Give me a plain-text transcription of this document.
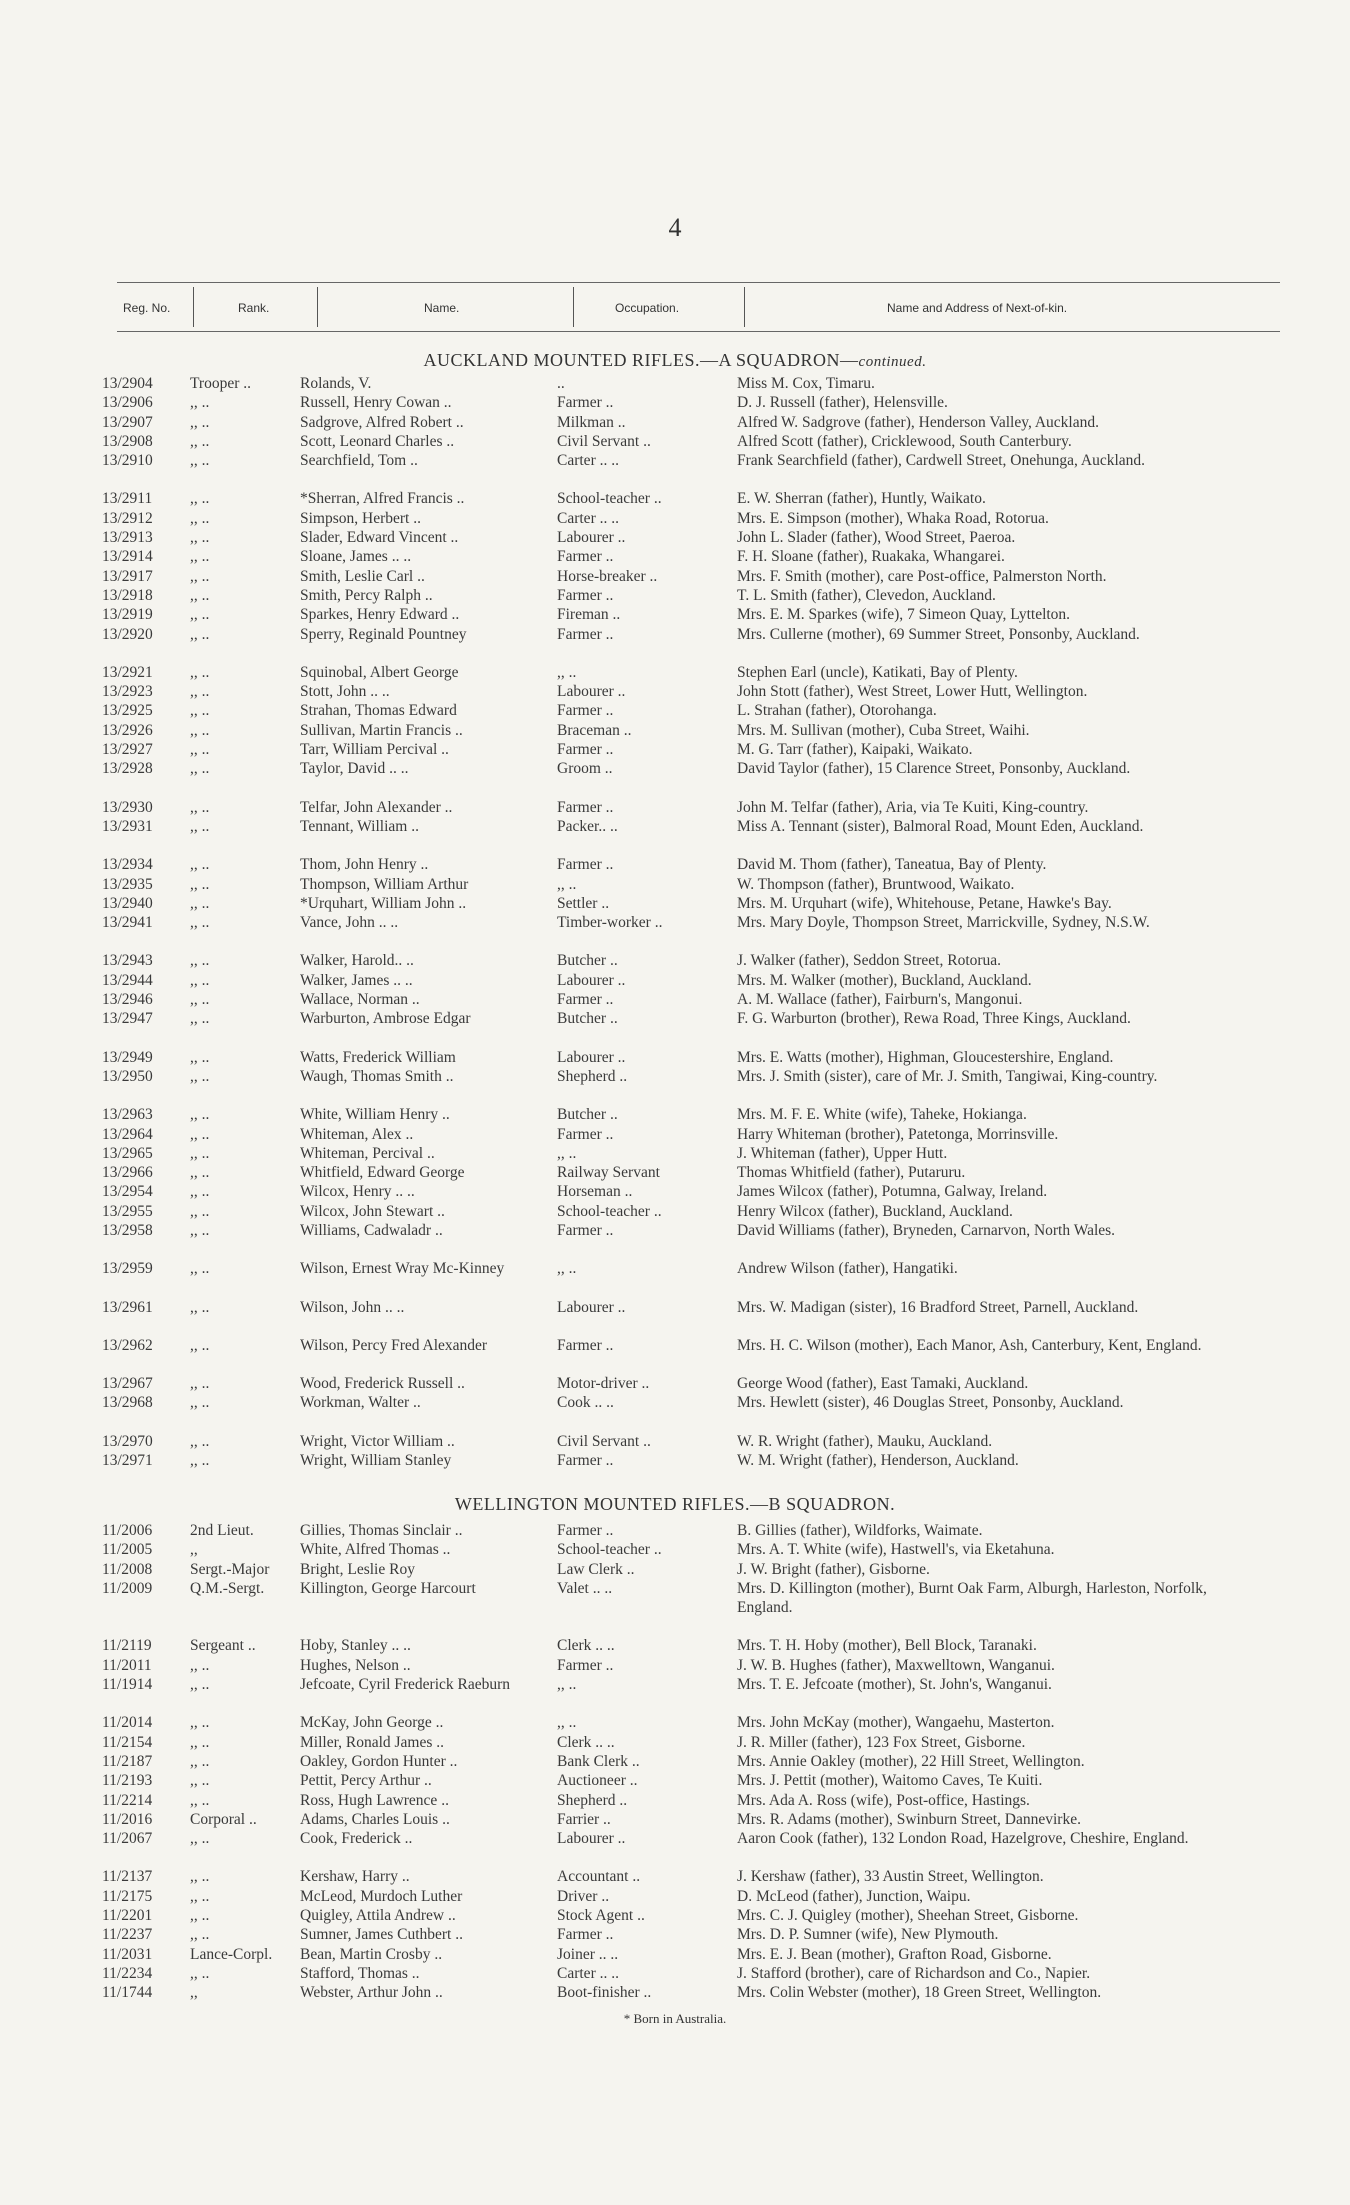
4
Reg. No.	Rank.	Name.	Occupation.	Name and Address of Next-of-kin.
AUCKLAND MOUNTED RIFLES.—A SQUADRON—continued.
13/2904	Trooper ..	Rolands, V.	..	Miss M. Cox, Timaru.
13/2906	,, ..	Russell, Henry Cowan ..	Farmer ..	D. J. Russell (father), Helensville.
13/2907	,, ..	Sadgrove, Alfred Robert ..	Milkman ..	Alfred W. Sadgrove (father), Henderson Valley, Auckland.
13/2908	,, ..	Scott, Leonard Charles ..	Civil Servant ..	Alfred Scott (father), Cricklewood, South Canterbury.
13/2910	,, ..	Searchfield, Tom ..	Carter .. ..	Frank Searchfield (father), Cardwell Street, Onehunga, Auckland.
13/2911	,, ..	*Sherran, Alfred Francis ..	School-teacher ..	E. W. Sherran (father), Huntly, Waikato.
13/2912	,, ..	Simpson, Herbert ..	Carter .. ..	Mrs. E. Simpson (mother), Whaka Road, Rotorua.
13/2913	,, ..	Slader, Edward Vincent ..	Labourer ..	John L. Slader (father), Wood Street, Paeroa.
13/2914	,, ..	Sloane, James .. ..	Farmer ..	F. H. Sloane (father), Ruakaka, Whangarei.
13/2917	,, ..	Smith, Leslie Carl ..	Horse-breaker ..	Mrs. F. Smith (mother), care Post-office, Palmerston North.
13/2918	,, ..	Smith, Percy Ralph ..	Farmer ..	T. L. Smith (father), Clevedon, Auckland.
13/2919	,, ..	Sparkes, Henry Edward ..	Fireman ..	Mrs. E. M. Sparkes (wife), 7 Simeon Quay, Lyttelton.
13/2920	,, ..	Sperry, Reginald Pountney	Farmer ..	Mrs. Cullerne (mother), 69 Summer Street, Ponsonby, Auckland.
13/2921	,, ..	Squinobal, Albert George	,, ..	Stephen Earl (uncle), Katikati, Bay of Plenty.
13/2923	,, ..	Stott, John .. ..	Labourer ..	John Stott (father), West Street, Lower Hutt, Wellington.
13/2925	,, ..	Strahan, Thomas Edward	Farmer ..	L. Strahan (father), Otorohanga.
13/2926	,, ..	Sullivan, Martin Francis ..	Braceman ..	Mrs. M. Sullivan (mother), Cuba Street, Waihi.
13/2927	,, ..	Tarr, William Percival ..	Farmer ..	M. G. Tarr (father), Kaipaki, Waikato.
13/2928	,, ..	Taylor, David .. ..	Groom ..	David Taylor (father), 15 Clarence Street, Ponsonby, Auckland.
13/2930	,, ..	Telfar, John Alexander ..	Farmer ..	John M. Telfar (father), Aria, via Te Kuiti, King-country.
13/2931	,, ..	Tennant, William ..	Packer.. ..	Miss A. Tennant (sister), Balmoral Road, Mount Eden, Auckland.
13/2934	,, ..	Thom, John Henry ..	Farmer ..	David M. Thom (father), Taneatua, Bay of Plenty.
13/2935	,, ..	Thompson, William Arthur	,, ..	W. Thompson (father), Bruntwood, Waikato.
13/2940	,, ..	*Urquhart, William John ..	Settler ..	Mrs. M. Urquhart (wife), Whitehouse, Petane, Hawke's Bay.
13/2941	,, ..	Vance, John .. ..	Timber-worker ..	Mrs. Mary Doyle, Thompson Street, Marrickville, Sydney, N.S.W.
13/2943	,, ..	Walker, Harold.. ..	Butcher ..	J. Walker (father), Seddon Street, Rotorua.
13/2944	,, ..	Walker, James .. ..	Labourer ..	Mrs. M. Walker (mother), Buckland, Auckland.
13/2946	,, ..	Wallace, Norman ..	Farmer ..	A. M. Wallace (father), Fairburn's, Mangonui.
13/2947	,, ..	Warburton, Ambrose Edgar	Butcher ..	F. G. Warburton (brother), Rewa Road, Three Kings, Auckland.
13/2949	,, ..	Watts, Frederick William	Labourer ..	Mrs. E. Watts (mother), Highman, Gloucestershire, England.
13/2950	,, ..	Waugh, Thomas Smith ..	Shepherd ..	Mrs. J. Smith (sister), care of Mr. J. Smith, Tangiwai, King-country.
13/2963	,, ..	White, William Henry ..	Butcher ..	Mrs. M. F. E. White (wife), Taheke, Hokianga.
13/2964	,, ..	Whiteman, Alex ..	Farmer ..	Harry Whiteman (brother), Patetonga, Morrinsville.
13/2965	,, ..	Whiteman, Percival ..	,, ..	J. Whiteman (father), Upper Hutt.
13/2966	,, ..	Whitfield, Edward George	Railway Servant	Thomas Whitfield (father), Putaruru.
13/2954	,, ..	Wilcox, Henry .. ..	Horseman ..	James Wilcox (father), Potumna, Galway, Ireland.
13/2955	,, ..	Wilcox, John Stewart ..	School-teacher ..	Henry Wilcox (father), Buckland, Auckland.
13/2958	,, ..	Williams, Cadwaladr ..	Farmer ..	David Williams (father), Bryneden, Carnarvon, North Wales.
13/2959	,, ..	Wilson, Ernest Wray Mc-Kinney	,, ..	Andrew Wilson (father), Hangatiki.
13/2961	,, ..	Wilson, John .. ..	Labourer ..	Mrs. W. Madigan (sister), 16 Bradford Street, Parnell, Auckland.
13/2962	,, ..	Wilson, Percy Fred Alexander	Farmer ..	Mrs. H. C. Wilson (mother), Each Manor, Ash, Canterbury, Kent, England.
13/2967	,, ..	Wood, Frederick Russell ..	Motor-driver ..	George Wood (father), East Tamaki, Auckland.
13/2968	,, ..	Workman, Walter ..	Cook .. ..	Mrs. Hewlett (sister), 46 Douglas Street, Ponsonby, Auckland.
13/2970	,, ..	Wright, Victor William ..	Civil Servant ..	W. R. Wright (father), Mauku, Auckland.
13/2971	,, ..	Wright, William Stanley	Farmer ..	W. M. Wright (father), Henderson, Auckland.
WELLINGTON MOUNTED RIFLES.—B SQUADRON.
11/2006	2nd Lieut.	Gillies, Thomas Sinclair ..	Farmer ..	B. Gillies (father), Wildforks, Waimate.
11/2005	,,	White, Alfred Thomas ..	School-teacher ..	Mrs. A. T. White (wife), Hastwell's, via Eketahuna.
11/2008	Sergt.-Major	Bright, Leslie Roy	Law Clerk ..	J. W. Bright (father), Gisborne.
11/2009	Q.M.-Sergt.	Killington, George Harcourt	Valet .. ..	Mrs. D. Killington (mother), Burnt Oak Farm, Alburgh, Harleston, Norfolk, England.
11/2119	Sergeant ..	Hoby, Stanley .. ..	Clerk .. ..	Mrs. T. H. Hoby (mother), Bell Block, Taranaki.
11/2011	,, ..	Hughes, Nelson ..	Farmer ..	J. W. B. Hughes (father), Maxwelltown, Wanganui.
11/1914	,, ..	Jefcoate, Cyril Frederick Raeburn	,, ..	Mrs. T. E. Jefcoate (mother), St. John's, Wanganui.
11/2014	,, ..	McKay, John George ..	,, ..	Mrs. John McKay (mother), Wangaehu, Masterton.
11/2154	,, ..	Miller, Ronald James ..	Clerk .. ..	J. R. Miller (father), 123 Fox Street, Gisborne.
11/2187	,, ..	Oakley, Gordon Hunter ..	Bank Clerk ..	Mrs. Annie Oakley (mother), 22 Hill Street, Wellington.
11/2193	,, ..	Pettit, Percy Arthur ..	Auctioneer ..	Mrs. J. Pettit (mother), Waitomo Caves, Te Kuiti.
11/2214	,, ..	Ross, Hugh Lawrence ..	Shepherd ..	Mrs. Ada A. Ross (wife), Post-office, Hastings.
11/2016	Corporal ..	Adams, Charles Louis ..	Farrier ..	Mrs. R. Adams (mother), Swinburn Street, Dannevirke.
11/2067	,, ..	Cook, Frederick ..	Labourer ..	Aaron Cook (father), 132 London Road, Hazelgrove, Cheshire, England.
11/2137	,, ..	Kershaw, Harry ..	Accountant ..	J. Kershaw (father), 33 Austin Street, Wellington.
11/2175	,, ..	McLeod, Murdoch Luther	Driver ..	D. McLeod (father), Junction, Waipu.
11/2201	,, ..	Quigley, Attila Andrew ..	Stock Agent ..	Mrs. C. J. Quigley (mother), Sheehan Street, Gisborne.
11/2237	,, ..	Sumner, James Cuthbert ..	Farmer ..	Mrs. D. P. Sumner (wife), New Plymouth.
11/2031	Lance-Corpl.	Bean, Martin Crosby ..	Joiner .. ..	Mrs. E. J. Bean (mother), Grafton Road, Gisborne.
11/2234	,, ..	Stafford, Thomas ..	Carter .. ..	J. Stafford (brother), care of Richardson and Co., Napier.
11/1744	,,	Webster, Arthur John ..	Boot-finisher ..	Mrs. Colin Webster (mother), 18 Green Street, Wellington.
* Born in Australia.
